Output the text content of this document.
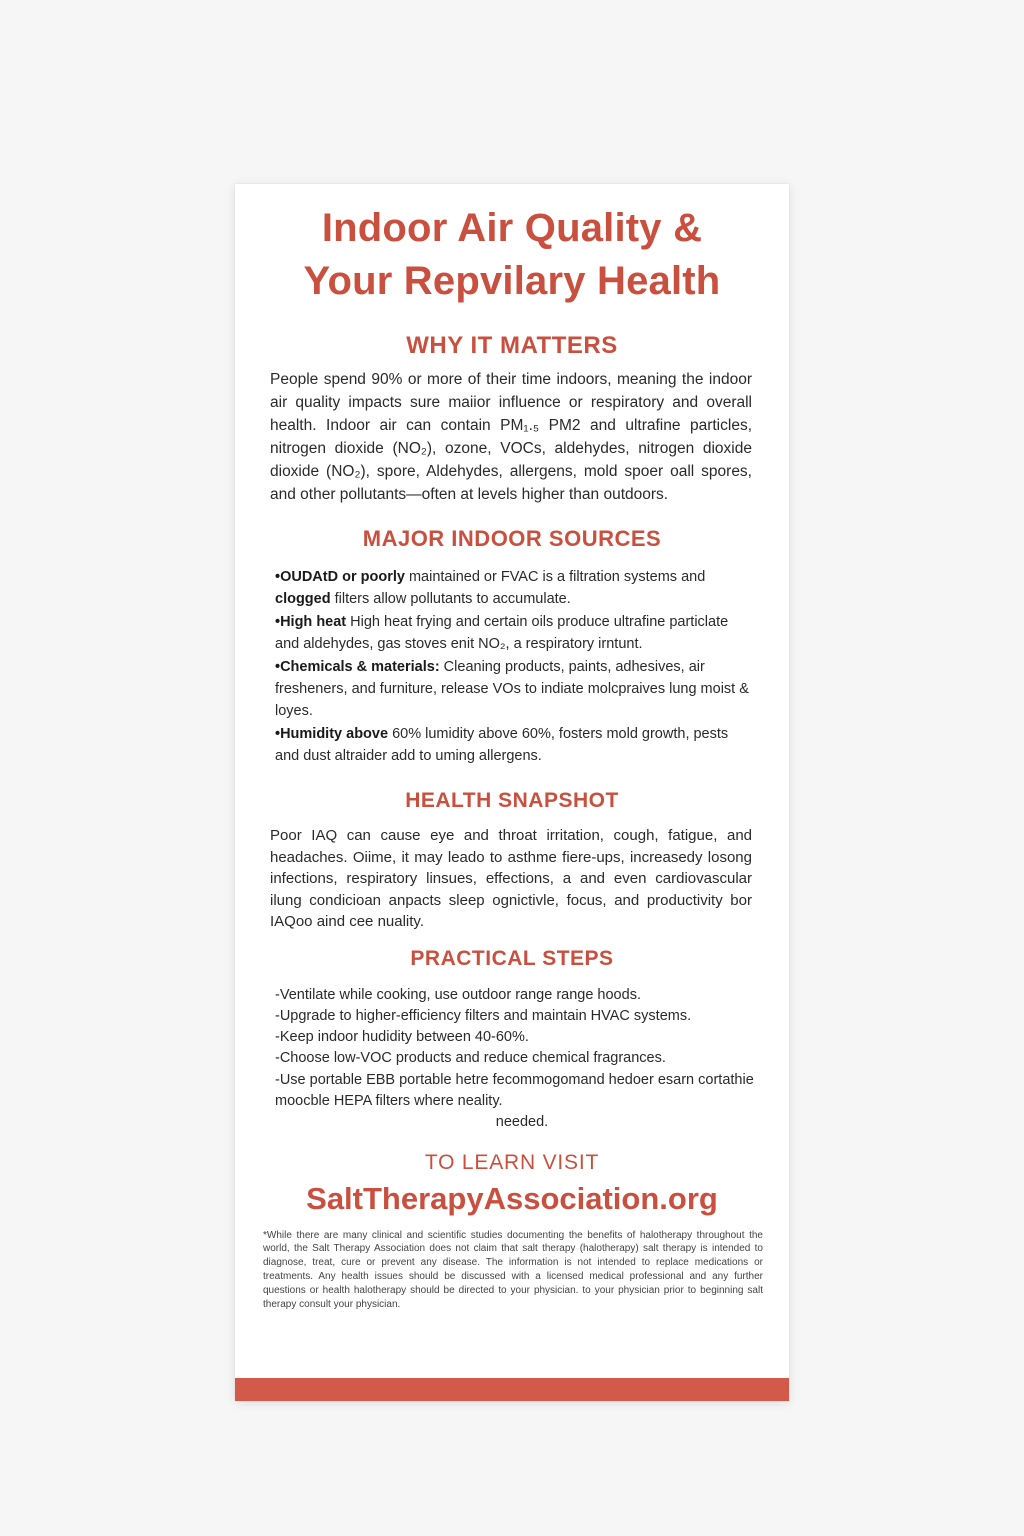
Indoor Air Quality &
Your Repvilary Health
WHY IT MATTERS

People spend 90% or more of their time indoors, meaning the indoor air quality impacts sure maiior influence or respiratory and overall health. Indoor air can contain PM₁.₅ PM2 and ultrafine particles, nitrogen dioxide (NO₂), ozone, VOCs, aldehydes, nitrogen dioxide dioxide (NO₂), spore, Aldehydes, allergens, mold spoer oall spores, and other pollutants—often at levels higher than outdoors.

MAJOR INDOOR SOURCES
•OUDAtD or poorly maintained or FVAC is a filtration systems and clogged filters allow pollutants to accumulate.
•High heat High heat frying and certain oils produce ultrafine particlate and aldehydes, gas stoves enit NO₂, a respiratory irntunt.
•Chemicals & materials: Cleaning products, paints, adhesives, air fresheners, and furniture, release VOs to indiate molcpraives lung moist & loyes.
•Humidity above 60% lumidity above 60%, fosters mold growth, pests and dust altraider add to uming allergens.
HEALTH SNAPSHOT

Poor IAQ can cause eye and throat irritation, cough, fatigue, and headaches. Oiime, it may leado to asthme fiere-ups, increasedy losong infections, respiratory linsues, effections, a and even cardiovascular ilung condicioan anpacts sleep ognictivle, focus, and productivity bor IAQoo aind cee nuality.

PRACTICAL STEPS
-Ventilate while cooking, use outdoor range range hoods.
-Upgrade to higher-efficiency filters and maintain HVAC systems.
-Keep indoor hudidity between 40-60%.
-Choose low-VOC products and reduce chemical fragrances.
-Use portable EBB portable hetre fecommogomand hedoer esarn cortathie moocble HEPA filters where neality.
needed.
TO LEARN VISIT
SaltTherapyAssociation.org

*While there are many clinical and scientific studies documenting the benefits of halotherapy throughout the world, the Salt Therapy Association does not claim that salt therapy (halotherapy) salt therapy is intended to diagnose, treat, cure or prevent any disease. The information is not intended to replace medications or treatments. Any health issues should be discussed with a licensed medical professional and any further questions or health halotherapy should be directed to your physician. to your physician prior to beginning salt therapy consult your physician.
